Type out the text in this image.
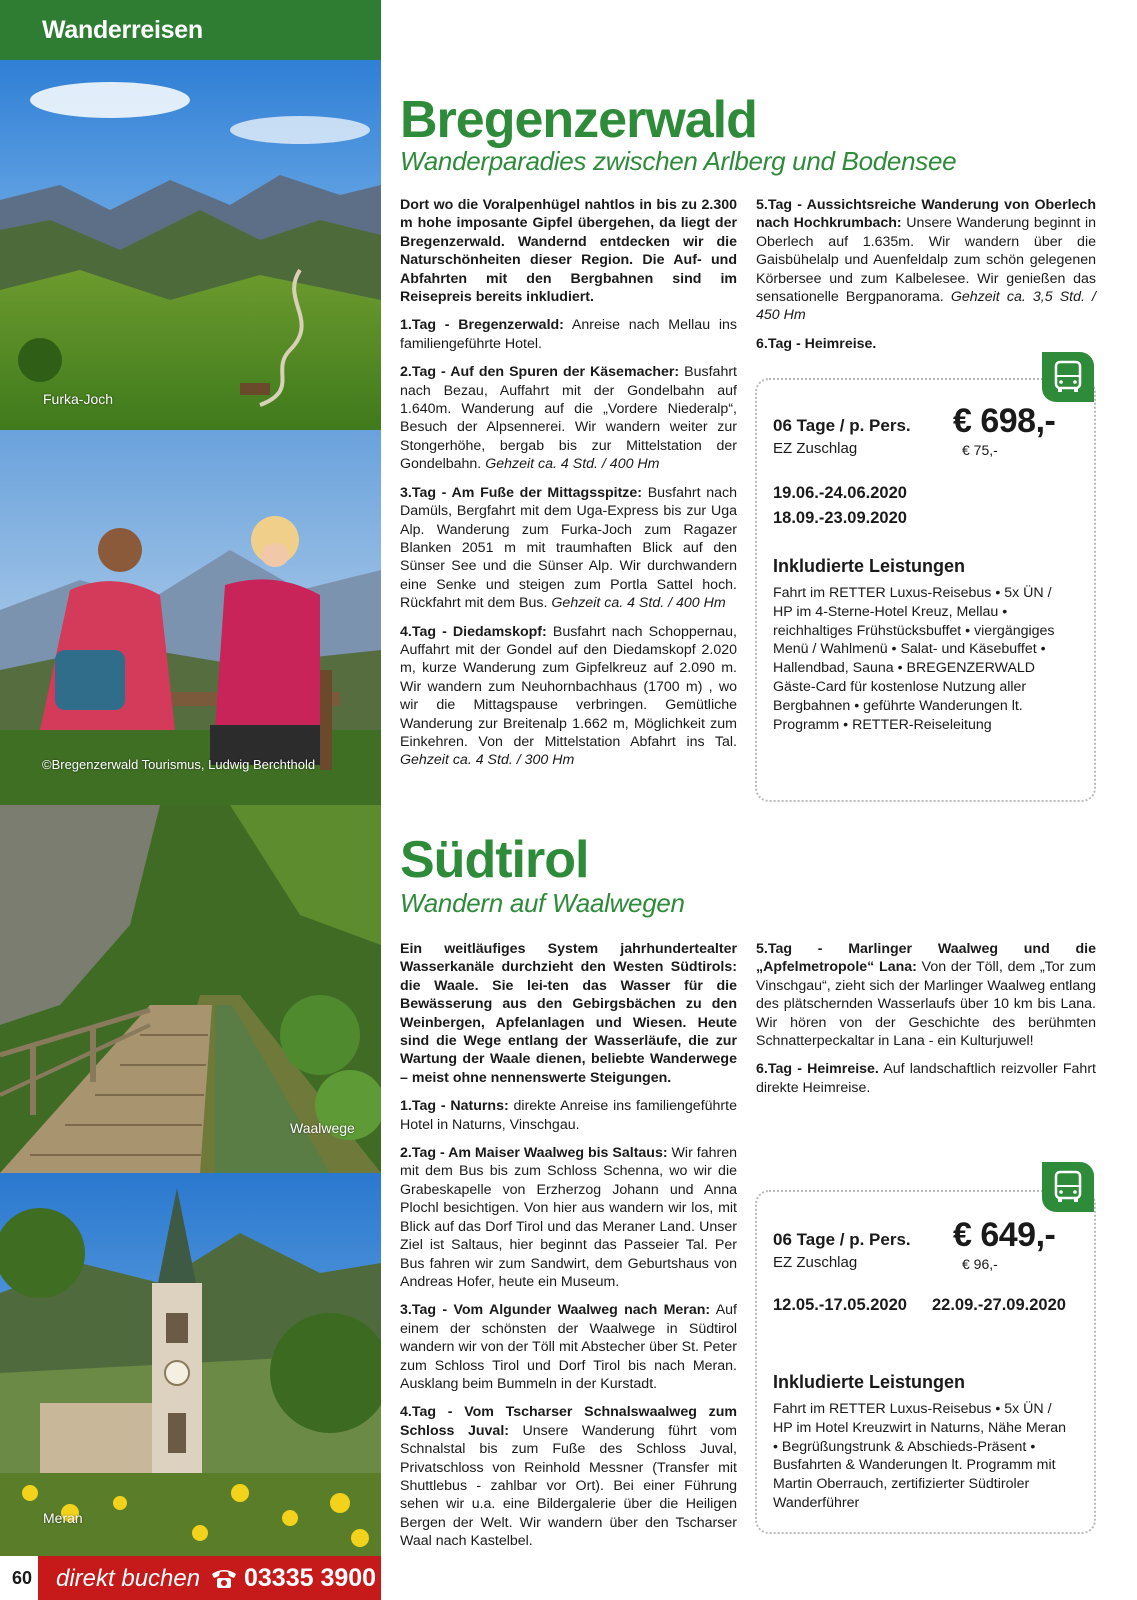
Wanderreisen
Furka-Joch
©Bregenzerwald Tourismus, Ludwig Berchthold
Waalwege
Meran
60 direkt buchen 03335 3900
Bregenzerwald
Wanderparadies zwischen Arlberg und Bodensee

Dort wo die Voralpenhügel nahtlos in bis zu 2.300 m hohe imposante Gipfel übergehen, da liegt der Bregenzerwald. Wandernd entdecken wir die Naturschönheiten dieser Region. Die Auf- und Abfahrten mit den Bergbahnen sind im Reisepreis bereits inkludiert.

1.Tag - Bregenzerwald: Anreise nach Mellau ins familiengeführte Hotel.

2.Tag - Auf den Spuren der Käsemacher: Busfahrt nach Bezau, Auffahrt mit der Gondelbahn auf 1.640m. Wanderung auf die „Vordere Niederalp“, Besuch der Alpsennerei. Wir wandern weiter zur Stongerhöhe, bergab bis zur Mittelstation der Gondelbahn. Gehzeit ca. 4 Std. / 400 Hm

3.Tag - Am Fuße der Mittagsspitze: Busfahrt nach Damüls, Bergfahrt mit dem Uga-Express bis zur Uga Alp. Wanderung zum Furka-Joch zum Ragazer Blanken 2051 m mit traumhaften Blick auf den Sünser See und die Sünser Alp. Wir durchwandern eine Senke und steigen zum Portla Sattel hoch. Rückfahrt mit dem Bus. Gehzeit ca. 4 Std. / 400 Hm

4.Tag - Diedamskopf: Busfahrt nach Schoppernau, Auffahrt mit der Gondel auf den Diedamskopf 2.020 m, kurze Wanderung zum Gipfelkreuz auf 2.090 m. Wir wandern zum Neuhornbachhaus (1700 m) , wo wir die Mittagspause verbringen. Gemütliche Wanderung zur Breitenalp 1.662 m, Möglichkeit zum Einkehren. Von der Mittelstation Abfahrt ins Tal. Gehzeit ca. 4 Std. / 300 Hm

5.Tag - Aussichtsreiche Wanderung von Oberlech nach Hochkrumbach: Unsere Wanderung beginnt in Oberlech auf 1.635m. Wir wandern über die Gaisbühelalp und Auenfeldalp zum schön gelegenen Körbersee und zum Kalbelesee. Wir genießen das sensationelle Bergpanorama. Gehzeit ca. 3,5 Std. / 450 Hm

6.Tag - Heimreise.

06 Tage / p. Pers.
EZ Zuschlag
€ 698,-
€ 75,-
19.06.-24.06.2020
18.09.-23.09.2020
Inkludierte Leistungen
Fahrt im RETTER Luxus-Reisebus • 5x ÜN / HP im 4-Sterne-Hotel Kreuz, Mellau • reichhaltiges Frühstücksbuffet • viergängiges Menü / Wahlmenü • Salat- und Käsebuffet • Hallendbad, Sauna • BREGENZERWALD Gäste-Card für kostenlose Nutzung aller Bergbahnen • geführte Wanderungen lt. Programm • RETTER-Reiseleitung
Südtirol
Wandern auf Waalwegen

Ein weitläufiges System jahrhundertealter Wasserkanäle durchzieht den Westen Südtirols: die Waale. Sie lei-ten das Wasser für die Bewässerung aus den Gebirgsbächen zu den Weinbergen, Apfelanlagen und Wiesen. Heute sind die Wege entlang der Wasserläufe, die zur Wartung der Waale dienen, beliebte Wanderwege – meist ohne nennenswerte Steigungen.

1.Tag - Naturns: direkte Anreise ins familiengeführte Hotel in Naturns, Vinschgau.

2.Tag - Am Maiser Waalweg bis Saltaus: Wir fahren mit dem Bus bis zum Schloss Schenna, wo wir die Grabeskapelle von Erzherzog Johann und Anna Plochl besichtigen. Von hier aus wandern wir los, mit Blick auf das Dorf Tirol und das Meraner Land. Unser Ziel ist Saltaus, hier beginnt das Passeier Tal. Per Bus fahren wir zum Sandwirt, dem Geburtshaus von Andreas Hofer, heute ein Museum.

3.Tag - Vom Algunder Waalweg nach Meran: Auf einem der schönsten der Waalwege in Südtirol wandern wir von der Töll mit Abstecher über St. Peter zum Schloss Tirol und Dorf Tirol bis nach Meran. Ausklang beim Bummeln in der Kurstadt.

4.Tag - Vom Tscharser Schnalswaalweg zum Schloss Juval: Unsere Wanderung führt vom Schnalstal bis zum Fuße des Schloss Juval, Privatschloss von Reinhold Messner (Transfer mit Shuttlebus - zahlbar vor Ort). Bei einer Führung sehen wir u.a. eine Bildergalerie über die Heiligen Bergen der Welt. Wir wandern über den Tscharser Waal nach Kastelbel.

5.Tag - Marlinger Waalweg und die „Apfelmetropole“ Lana: Von der Töll, dem „Tor zum Vinschgau“, zieht sich der Marlinger Waalweg entlang des plätschernden Wasserlaufs über 10 km bis Lana. Wir hören von der Geschichte des berühmten Schnatterpeckaltar in Lana - ein Kulturjuwel!

6.Tag - Heimreise. Auf landschaftlich reizvoller Fahrt direkte Heimreise.

06 Tage / p. Pers.
EZ Zuschlag
€ 649,-
€ 96,-
12.05.-17.05.2020 22.09.-27.09.2020
Inkludierte Leistungen
Fahrt im RETTER Luxus-Reisebus • 5x ÜN / HP im Hotel Kreuzwirt in Naturns, Nähe Meran • Begrüßungstrunk & Abschieds-Präsent • Busfahrten & Wanderungen lt. Programm mit Martin Oberrauch, zertifizierter Südtiroler Wanderführer
